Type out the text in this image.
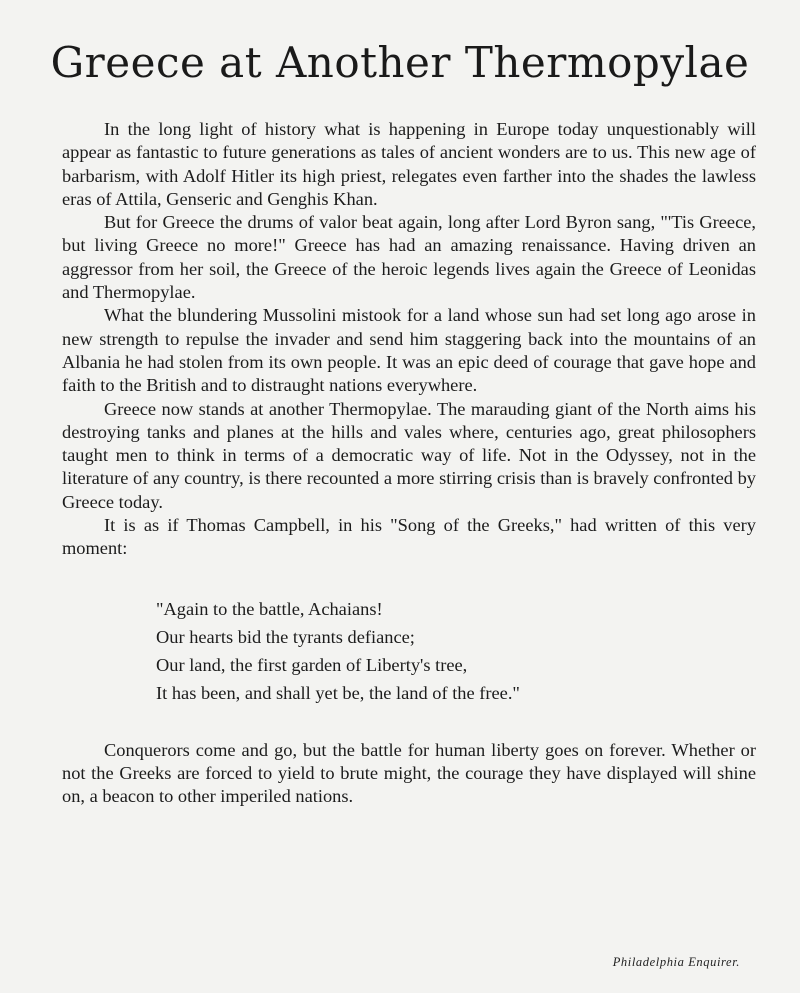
Greece at Another Thermopylae

In the long light of history what is happening in Europe today unquestionably will appear as fantastic to future generations as tales of ancient wonders are to us. This new age of barbarism, with Adolf Hitler its high priest, relegates even farther into the shades the lawless eras of Attila, Genseric and Genghis Khan.

But for Greece the drums of valor beat again, long after Lord Byron sang, "'Tis Greece, but living Greece no more!" Greece has had an amazing renaissance. Having driven an aggressor from her soil, the Greece of the heroic legends lives again the Greece of Leonidas and Thermopylae.

What the blundering Mussolini mistook for a land whose sun had set long ago arose in new strength to repulse the invader and send him staggering back into the mountains of an Albania he had stolen from its own people. It was an epic deed of courage that gave hope and faith to the British and to distraught nations everywhere.

Greece now stands at another Thermopylae. The marauding giant of the North aims his destroying tanks and planes at the hills and vales where, centuries ago, great philosophers taught men to think in terms of a democratic way of life. Not in the Odyssey, not in the literature of any country, is there recounted a more stirring crisis than is bravely confronted by Greece today.

It is as if Thomas Campbell, in his "Song of the Greeks," had written of this very moment:

"Again to the battle, Achaians!
Our hearts bid the tyrants defiance;
Our land, the first garden of Liberty's tree,
It has been, and shall yet be, the land of the free."

Conquerors come and go, but the battle for human liberty goes on forever. Whether or not the Greeks are forced to yield to brute might, the courage they have displayed will shine on, a beacon to other imperiled nations.

Philadelphia Enquirer.
